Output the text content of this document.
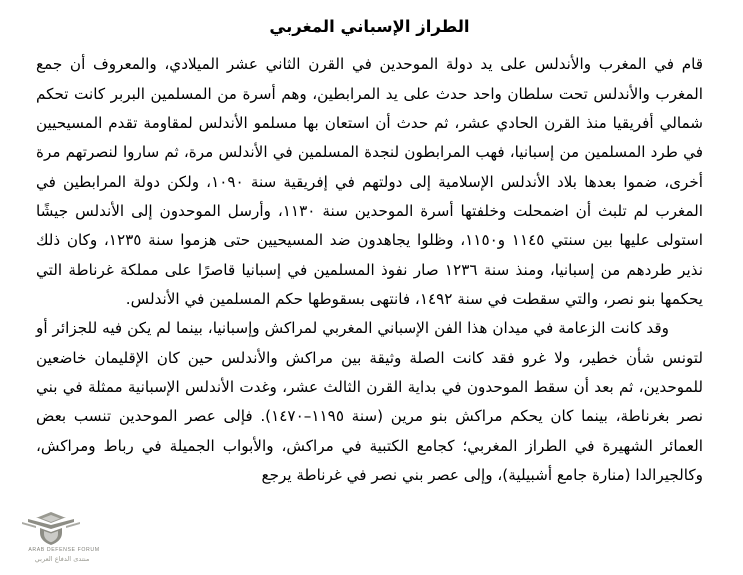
الطراز الإسباني المغربي

قام في المغرب والأندلس على يد دولة الموحدين في القرن الثاني عشر الميلادي، والمعروف أن جمع المغرب والأندلس تحت سلطان واحد حدث على يد المرابطين، وهم أسرة من المسلمين البربر كانت تحكم شمالي أفريقيا منذ القرن الحادي عشر، ثم حدث أن استعان بها مسلمو الأندلس لمقاومة تقدم المسيحيين في طرد المسلمين من إسبانيا، فهب المرابطون لنجدة المسلمين في الأندلس مرة، ثم ساروا لنصرتهم مرة أخرى، ضموا بعدها بلاد الأندلس الإسلامية إلى دولتهم في إفريقية سنة ١٠٩٠، ولكن دولة المرابطين في المغرب لم تلبث أن اضمحلت وخلفتها أسرة الموحدين سنة ١١٣٠، وأرسل الموحدون إلى الأندلس جيشًا استولى عليها بين سنتي ١١٤٥ و١١٥٠، وظلوا يجاهدون ضد المسيحيين حتى هزموا سنة ١٢٣٥، وكان ذلك نذير طردهم من إسبانيا، ومنذ سنة ١٢٣٦ صار نفوذ المسلمين في إسبانيا قاصرًا على مملكة غرناطة التي يحكمها بنو نصر، والتي سقطت في سنة ١٤٩٢، فانتهى بسقوطها حكم المسلمين في الأندلس.

وقد كانت الزعامة في ميدان هذا الفن الإسباني المغربي لمراكش وإسبانيا، بينما لم يكن فيه للجزائر أو لتونس شأن خطير، ولا غرو فقد كانت الصلة وثيقة بين مراكش والأندلس حين كان الإقليمان خاضعين للموحدين، ثم بعد أن سقط الموحدون في بداية القرن الثالث عشر، وغدت الأندلس الإسبانية ممثلة في بني نصر بغرناطة، بينما كان يحكم مراكش بنو مرين (سنة ١١٩٥–١٤٧٠). فإلى عصر الموحدين تنسب بعض العمائر الشهيرة في الطراز المغربي؛ كجامع الكتبية في مراكش، والأبواب الجميلة في رباط ومراكش، وكالجيرالدا (منارة جامع أشبيلية)، وإلى عصر بني نصر في غرناطة يرجع

ARAB DEFENSE FORUM
منتدى الدفاع العربي
